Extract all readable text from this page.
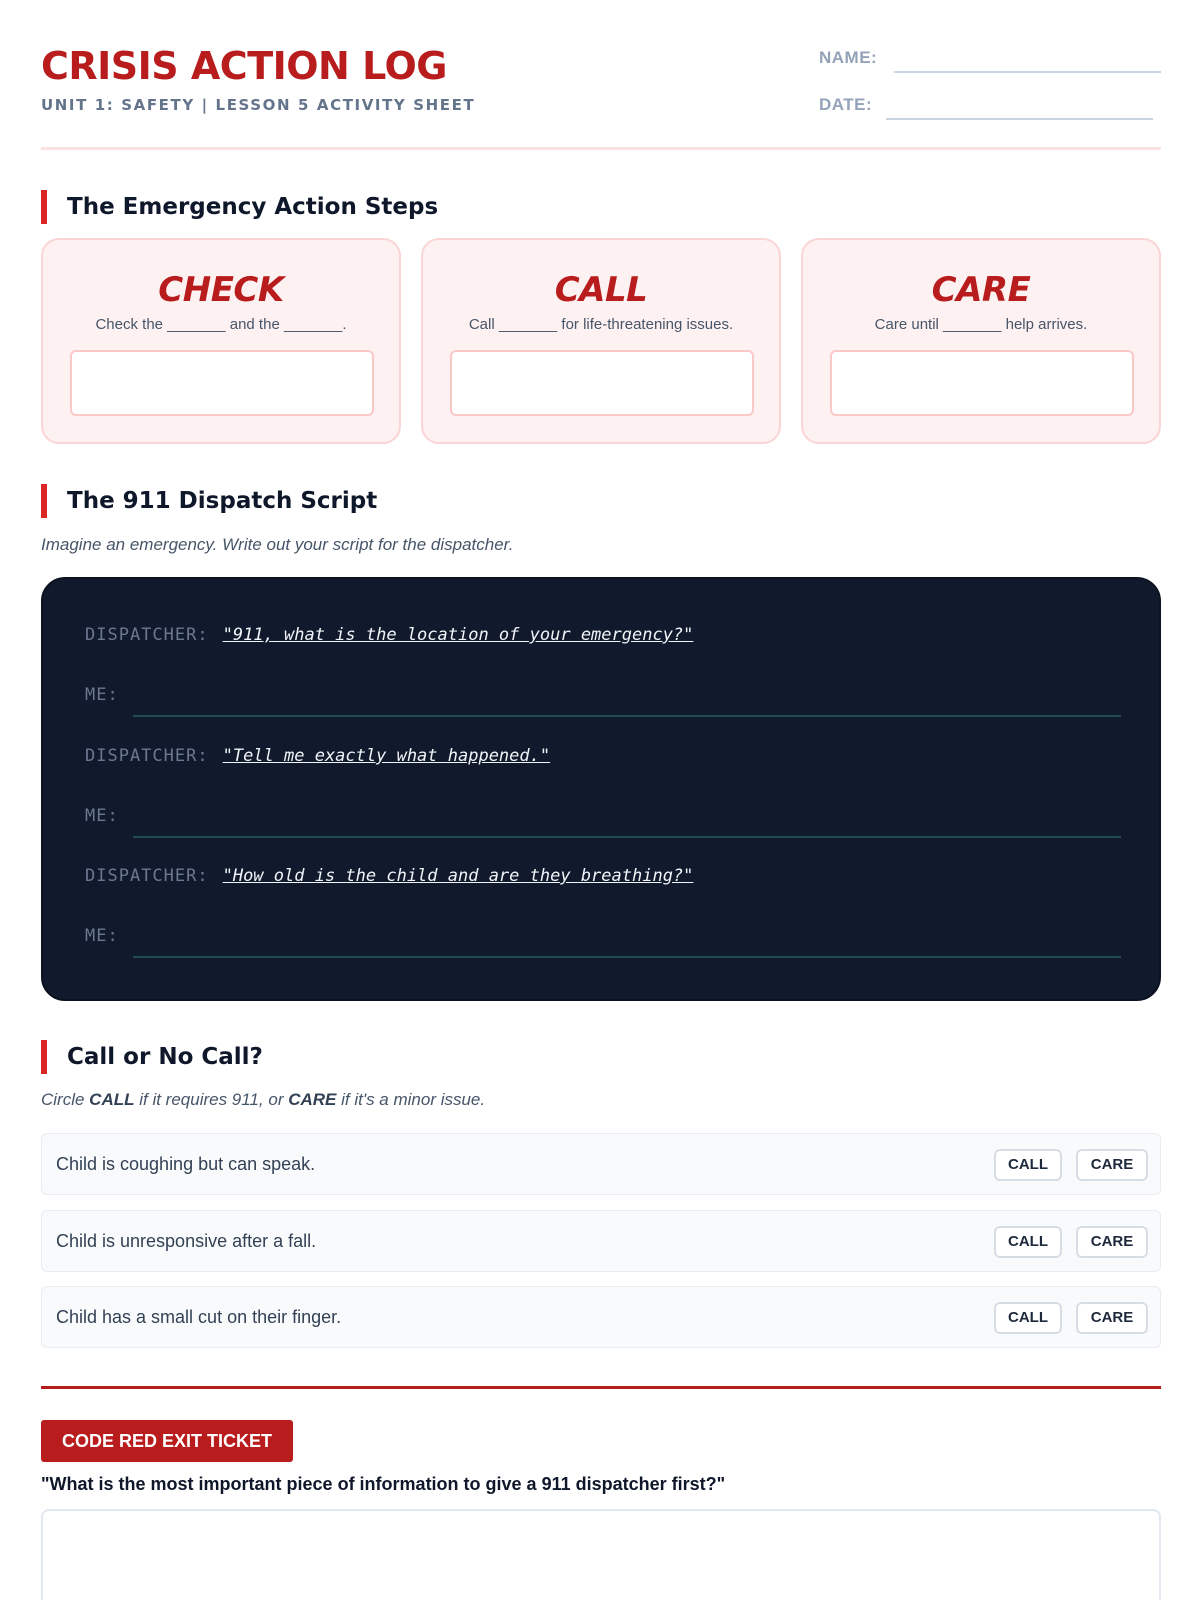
CRISIS ACTION LOG
UNIT 1: SAFETY | LESSON 5 ACTIVITY SHEET
NAME:
DATE:
The Emergency Action Steps
CHECK
Check the _______ and the _______.
CALL
Call _______ for life-threatening issues.
CARE
Care until _______ help arrives.
The 911 Dispatch Script
Imagine an emergency. Write out your script for the dispatcher.
DISPATCHER: "911, what is the location of your emergency?"
ME:
DISPATCHER: "Tell me exactly what happened."
ME:
DISPATCHER: "How old is the child and are they breathing?"
ME:
Call or No Call?
Circle CALL if it requires 911, or CARE if it's a minor issue.
Child is coughing but can speak.	CALL	CARE
Child is unresponsive after a fall.	CALL	CARE
Child has a small cut on their finger.	CALL	CARE
CODE RED EXIT TICKET
"What is the most important piece of information to give a 911 dispatcher first?"
